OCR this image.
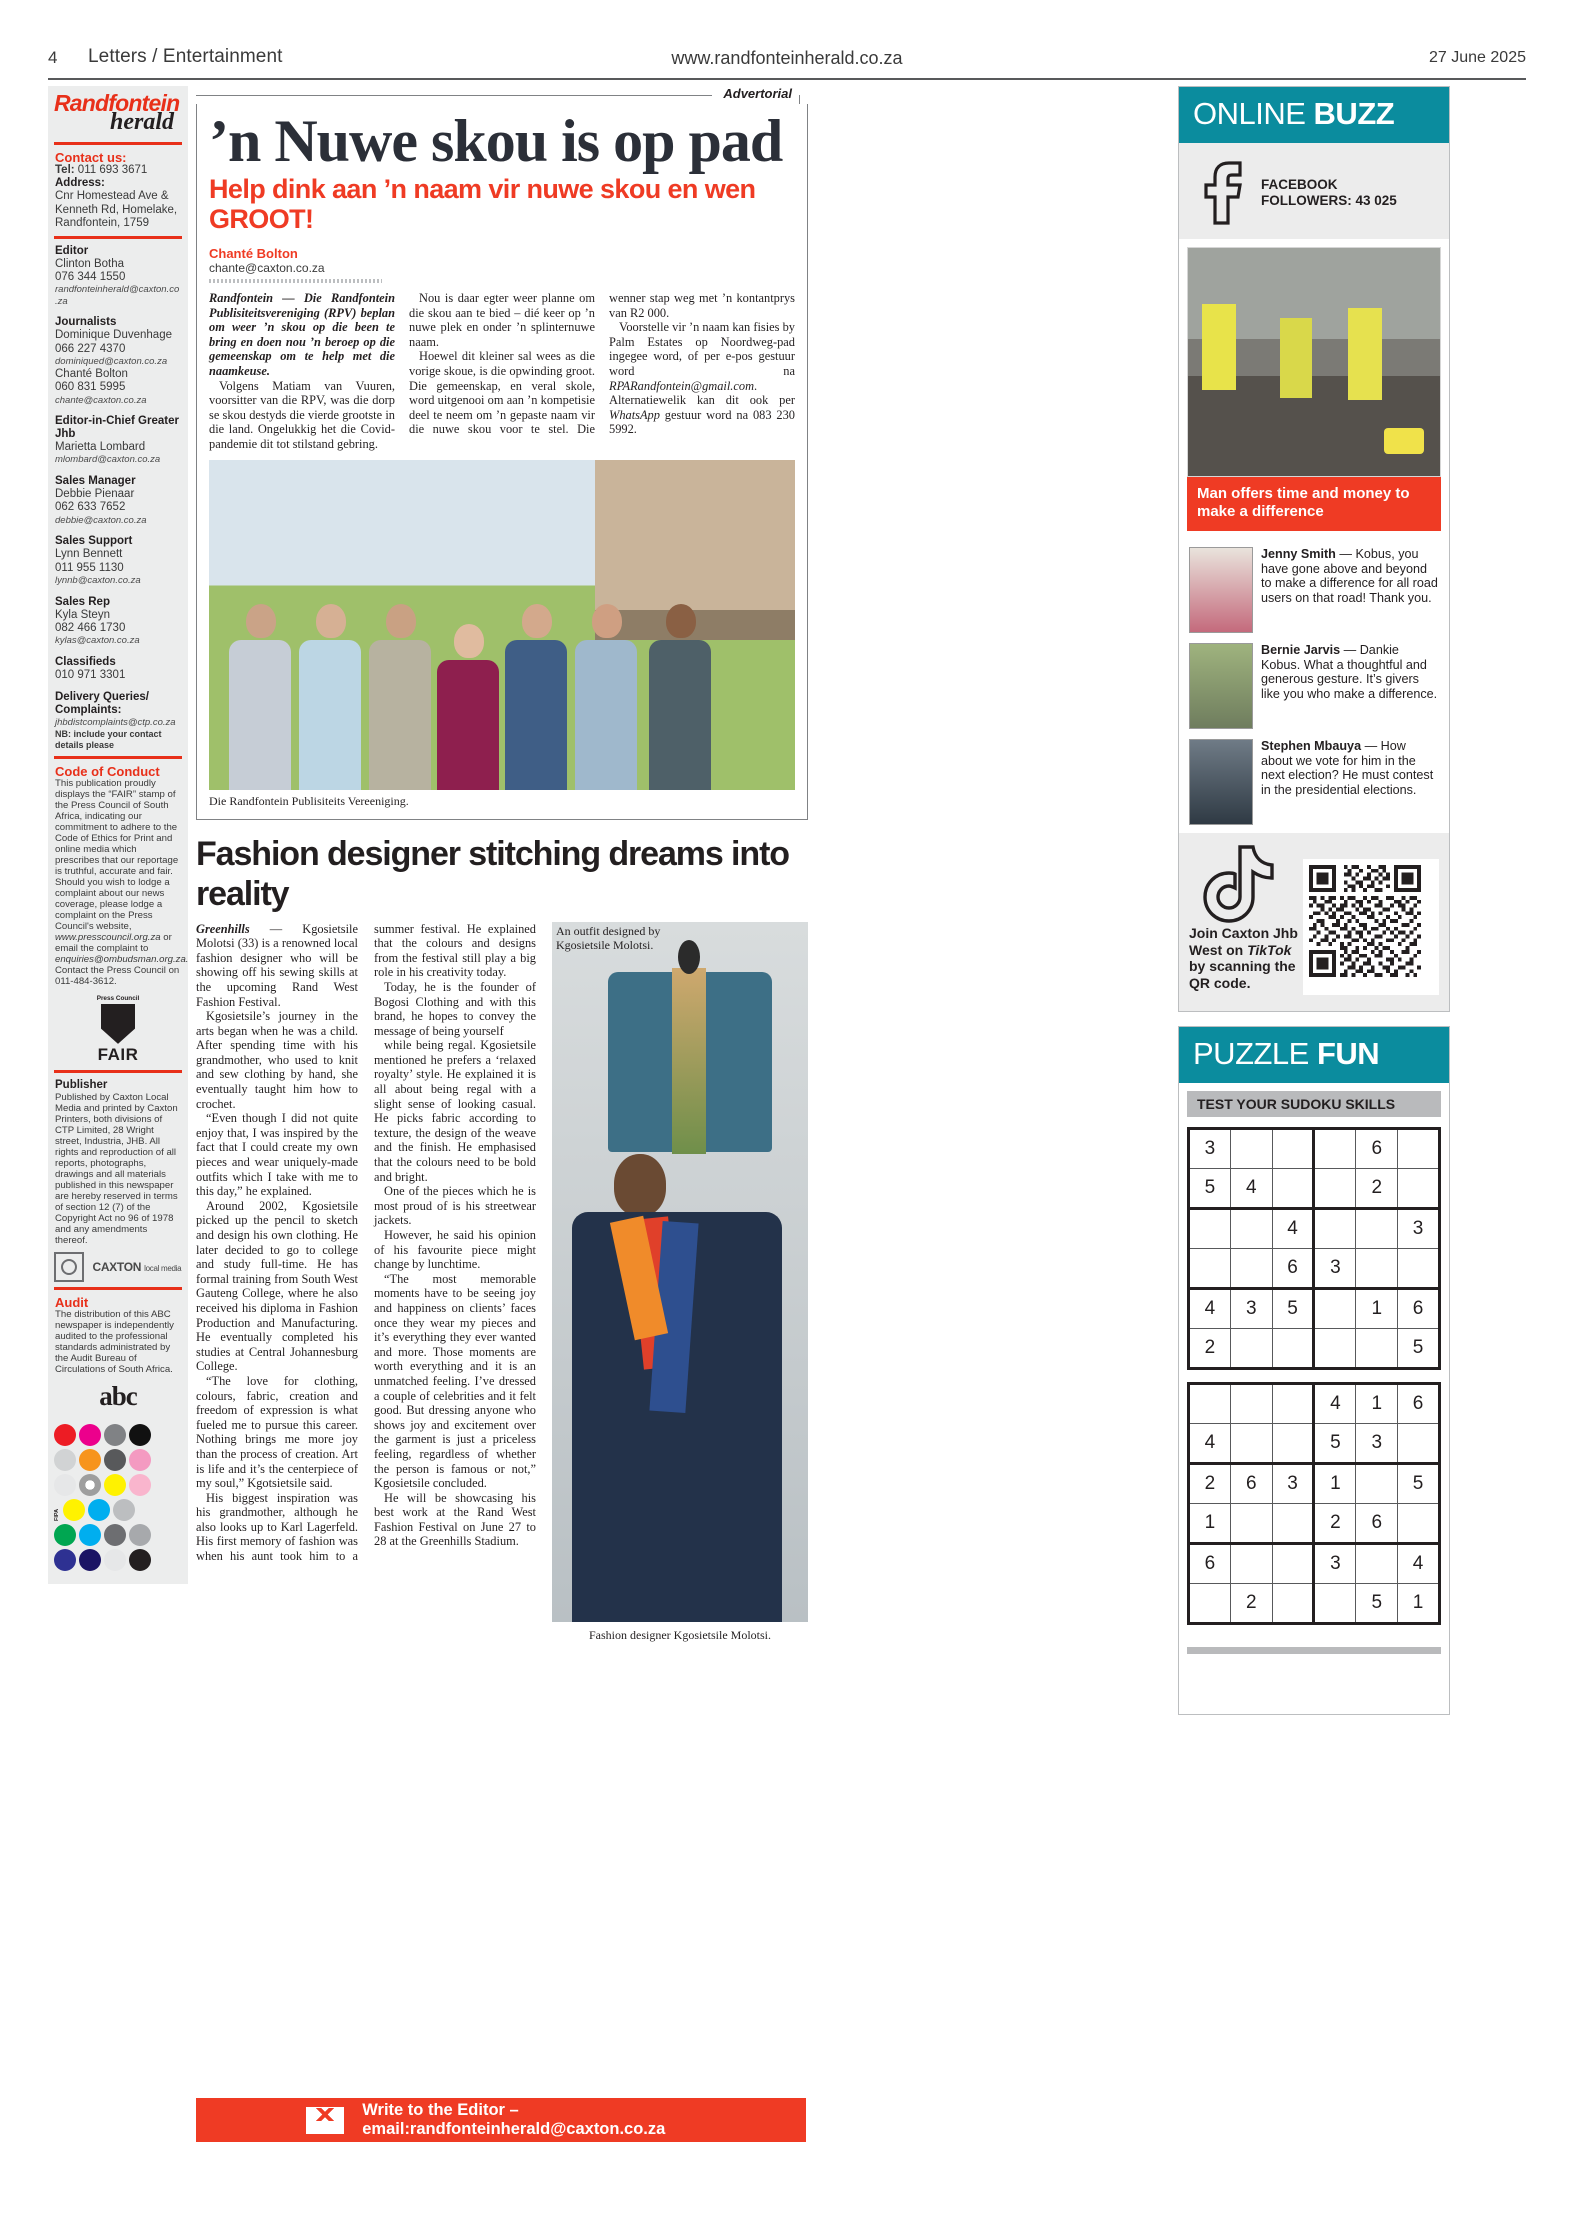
4 Letters / Entertainment	www.randfonteinherald.co.za	27 June 2025
Randfontein
herald
Contact us:

Tel: 011 693 3671

Address:

Cnr Homestead Ave & Kenneth Rd, Homelake, Randfontein, 1759

Editor

Clinton Botha

076 344 1550

randfonteinherald@caxton.co.za

Journalists

Dominique Duvenhage

066 227 4370

dominiqued@caxton.co.za

Chanté Bolton

060 831 5995

chante@caxton.co.za

Editor-in-Chief Greater Jhb

Marietta Lombard

mlombard@caxton.co.za

Sales Manager

Debbie Pienaar

062 633 7652

debbie@caxton.co.za

Sales Support

Lynn Bennett

011 955 1130

lynnb@caxton.co.za

Sales Rep

Kyla Steyn

082 466 1730

kylas@caxton.co.za

Classifieds

010 971 3301

Delivery Queries/ Complaints:

jhbdistcomplaints@ctp.co.za

NB: include your contact details please

Code of Conduct

This publication proudly displays the “FAIR” stamp of the Press Council of South Africa, indicating our commitment to adhere to the Code of Ethics for Print and online media which prescribes that our reportage is truthful, accurate and fair. Should you wish to lodge a complaint about our news coverage, please lodge a complaint on the Press Council's website, www.presscouncil.org.za or email the complaint to enquiries@ombudsman.org.za. Contact the Press Council on 011-484-3612.

Press Council
FAIR
Publisher

Published by Caxton Local Media and printed by Caxton Printers, both divisions of CTP Limited, 28 Wright street, Industria, JHB. All rights and reproduction of all reports, photographs, drawings and all materials published in this newspaper are hereby reserved in terms of section 12 (7) of the Copyright Act no 96 of 1978 and any amendments thereof.

CAXTON local media
Audit

The distribution of this ABC newspaper is independently audited to the professional standards administrated by the Audit Bureau of Circulations of South Africa.

abc
FIPA
Advertorial
’n Nuwe skou is op pad
Help dink aan ’n naam vir nuwe skou en wen GROOT!
Chanté Bolton
chante@caxton.co.za

Randfontein — Die Randfontein Publisiteitsvereniging (RPV) beplan om weer ’n skou op die been te bring en doen nou ’n beroep op die gemeenskap om te help met die naamkeuse.

Volgens Matiam van Vuuren, voorsitter van die RPV, was die dorp se skou destyds die vierde grootste in die land. Ongelukkig het die Covid-pandemie dit tot stilstand gebring.

Nou is daar egter weer planne om die skou aan te bied – dié keer op ’n nuwe plek en onder ’n splinternuwe naam.

Hoewel dit kleiner sal wees as die vorige skoue, is die opwinding groot. Die gemeenskap, en veral skole, word uitgenooi om aan ’n kompetisie deel te neem om ’n gepaste naam vir die nuwe skou voor te stel. Die wenner stap weg met ’n kontantprys van R2 000.

Voorstelle vir ’n naam kan fisies by Palm Estates op Noordweg-pad ingegee word, of per e-pos gestuur word na RPARandfontein@gmail.com. Alternatiewelik kan dit ook per WhatsApp gestuur word na 083 230 5992.

Die Randfontein Publisiteits Vereeniging.
Fashion designer stitching dreams into reality

Greenhills — Kgosietsile Molotsi (33) is a renowned local fashion designer who will be showing off his sewing skills at the upcoming Rand West Fashion Festival.

Kgosietsile’s journey in the arts began when he was a child. After spending time with his grandmother, who used to knit and sew clothing by hand, she eventually taught him how to crochet.

“Even though I did not quite enjoy that, I was inspired by the fact that I could create my own pieces and wear uniquely-made outfits which I take with me to this day,” he explained.

Around 2002, Kgosietsile picked up the pencil to sketch and design his own clothing. He later decided to go to college and study full-time. He has formal training from South West Gauteng College, where he also received his diploma in Fashion Production and Manufacturing. He eventually completed his studies at Central Johannesburg College.

“The love for clothing, colours, fabric, creation and freedom of expression is what fueled me to pursue this career. Nothing brings me more joy than the process of creation. Art is life and it’s the centerpiece of my soul,” Kgotsietsile said.

His biggest inspiration was his grandmother, although he also looks up to Karl Lagerfeld. His first memory of fashion was when his aunt took him to a summer festival. He explained that the colours and designs from the festival still play a big role in his creativity today.

Today, he is the founder of Bogosi Clothing and with this brand, he hopes to convey the message of being yourself

while being regal. Kgosietsile mentioned he prefers a ‘relaxed royalty’ style. He explained it is all about being regal with a slight sense of looking casual. He picks fabric according to texture, the design of the weave and the finish. He emphasised that the colours need to be bold and bright.

One of the pieces which he is most proud of is his streetwear jackets.

However, he said his opinion of his favourite piece might change by lunchtime.

“The most memorable moments have to be seeing joy and happiness on clients’ faces once they wear my pieces and it’s everything they ever wanted and more. Those moments are worth everything and it is an unmatched feeling. I’ve dressed a couple of celebrities and it felt good. But dressing anyone who shows joy and excitement over the garment is just a priceless feeling, regardless of whether the person is famous or not,” Kgosietsile concluded.

He will be showcasing his best work at the Rand West Fashion Festival on June 27 to 28 at the Greenhills Stadium.

An outfit designed by Kgosietsile Molotsi.
Fashion designer Kgosietsile Molotsi.
Write to the Editor – email:randfonteinherald@caxton.co.za
ONLINE BUZZ
FACEBOOK
FOLLOWERS: 43 025
Man offers time and money to make a difference
Jenny Smith — Kobus, you have gone above and beyond to make a difference for all road users on that road! Thank you.
Bernie Jarvis — Dankie Kobus. What a thoughtful and generous gesture. It’s givers like you who make a difference.
Stephen Mbauya — How about we vote for him in the next election? He must contest in the presidential elections.
Join Caxton Jhb West on TikTok by scanning the QR code.
PUZZLE FUN
TEST YOUR SUDOKU SKILLS
3				6	
5	4			2	
		4			3
		6	3		
4	3	5		1	6
2					5
			4	1	6
4			5	3	
2	6	3	1		5
1			2	6	
6			3		4
	2			5	1
